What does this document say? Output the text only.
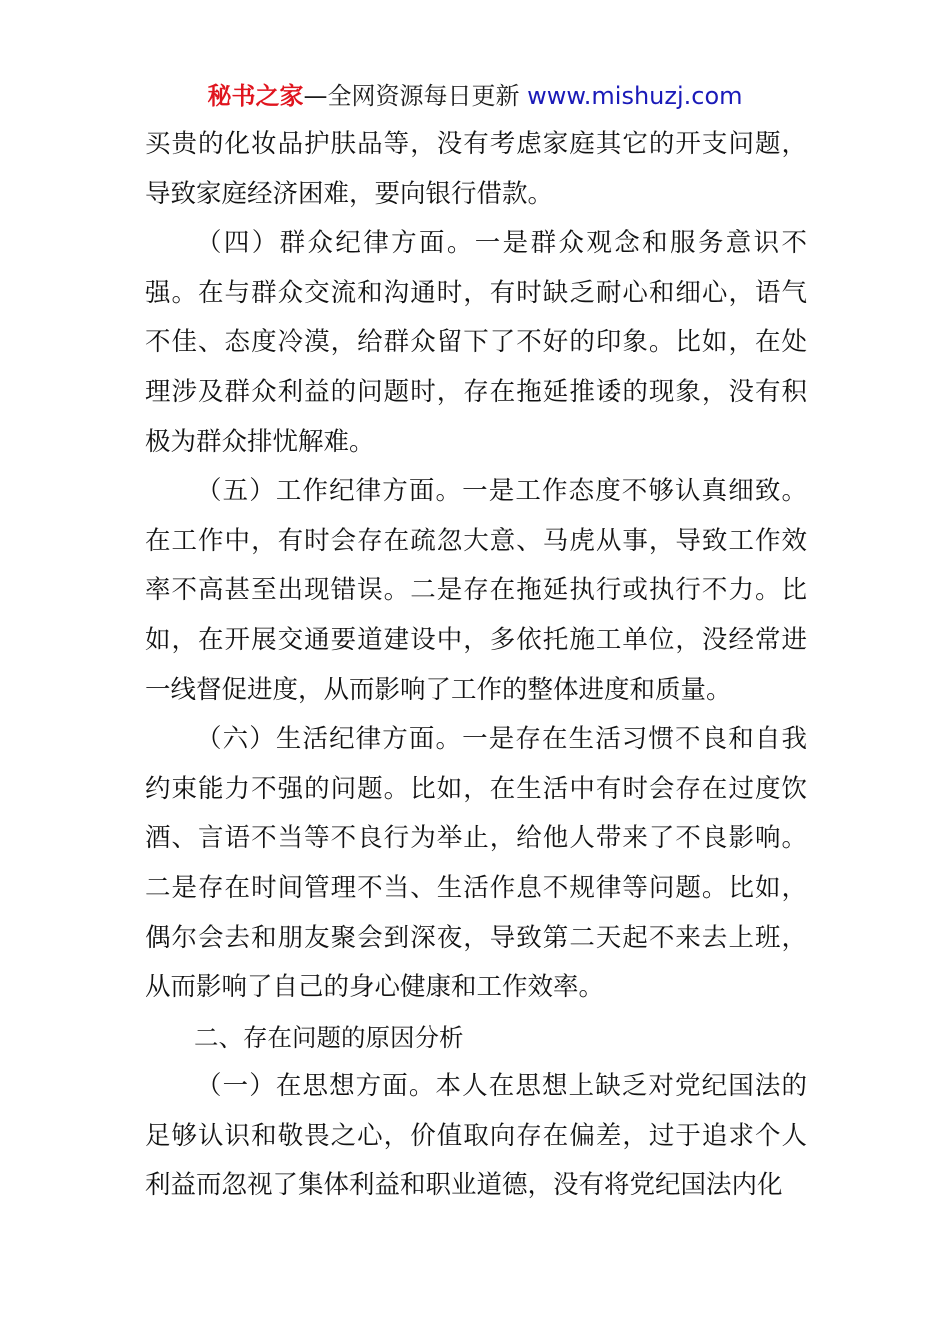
秘书之家—全网资源每日更新 www.mishuzj.com

买贵的化妆品护肤品等，没有考虑家庭其它的开支问题，导致家庭经济困难，要向银行借款。

（四）群众纪律方面。一是群众观念和服务意识不强。在与群众交流和沟通时，有时缺乏耐心和细心，语气不佳、态度冷漠，给群众留下了不好的印象。比如，在处理涉及群众利益的问题时，存在拖延推诿的现象，没有积极为群众排忧解难。

（五）工作纪律方面。一是工作态度不够认真细致。在工作中，有时会存在疏忽大意、马虎从事，导致工作效率不高甚至出现错误。二是存在拖延执行或执行不力。比如，在开展交通要道建设中，多依托施工单位，没经常进一线督促进度，从而影响了工作的整体进度和质量。

（六）生活纪律方面。一是存在生活习惯不良和自我约束能力不强的问题。比如，在生活中有时会存在过度饮酒、言语不当等不良行为举止，给他人带来了不良影响。二是存在时间管理不当、生活作息不规律等问题。比如，偶尔会去和朋友聚会到深夜，导致第二天起不来去上班，从而影响了自己的身心健康和工作效率。

二、存在问题的原因分析

（一）在思想方面。本人在思想上缺乏对党纪国法的足够认识和敬畏之心，价值取向存在偏差，过于追求个人利益而忽视了集体利益和职业道德，没有将党纪国法内化
